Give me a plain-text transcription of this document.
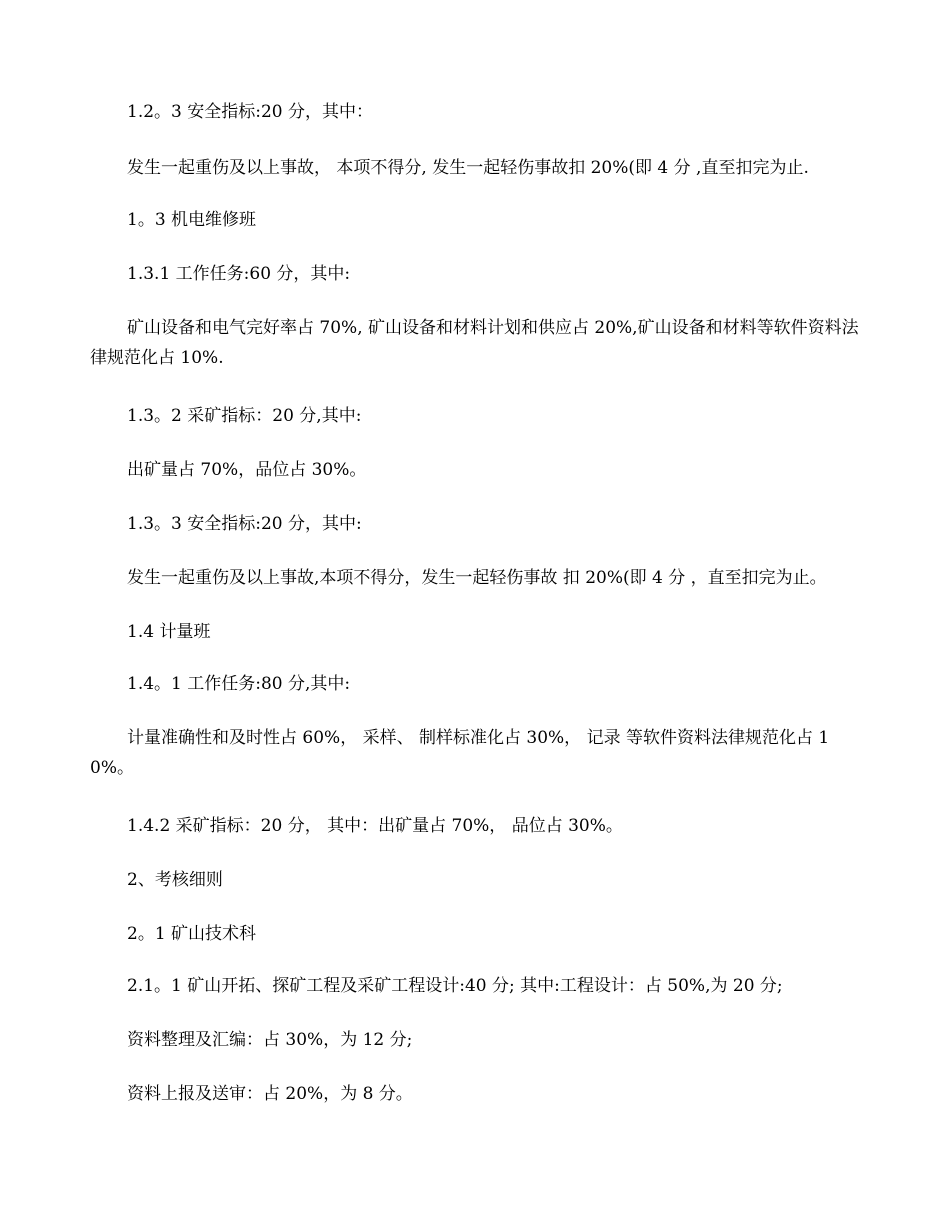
1.2。3 安全指标:20 分，其中：
发生一起重伤及以上事故， 本项不得分, 发生一起轻伤事故扣 20%(即 4 分 ,直至扣完为止.
1。3 机电维修班
1.3.1 工作任务:60 分，其中:
矿山设备和电气完好率占 70%, 矿山设备和材料计划和供应占 20%,矿山设备和材料等软件资料法律规范化占 10%.
1.3。2 采矿指标：20 分,其中:
出矿量占 70%，品位占 30%。
1.3。3 安全指标:20 分，其中:
发生一起重伤及以上事故,本项不得分，发生一起轻伤事故 扣 20%(即 4 分 ，直至扣完为止。
1.4 计量班
1.4。1 工作任务:80 分,其中:
计量准确性和及时性占 60%， 采样、 制样标准化占 30%， 记录 等软件资料法律规范化占 10%。
1.4.2 采矿指标：20 分， 其中：出矿量占 70%， 品位占 30%。
2、考核细则
2。1 矿山技术科
2.1。1 矿山开拓、探矿工程及采矿工程设计:40 分; 其中:工程设计：占 50%,为 20 分;
资料整理及汇编：占 30%，为 12 分;
资料上报及送审：占 20%，为 8 分。
